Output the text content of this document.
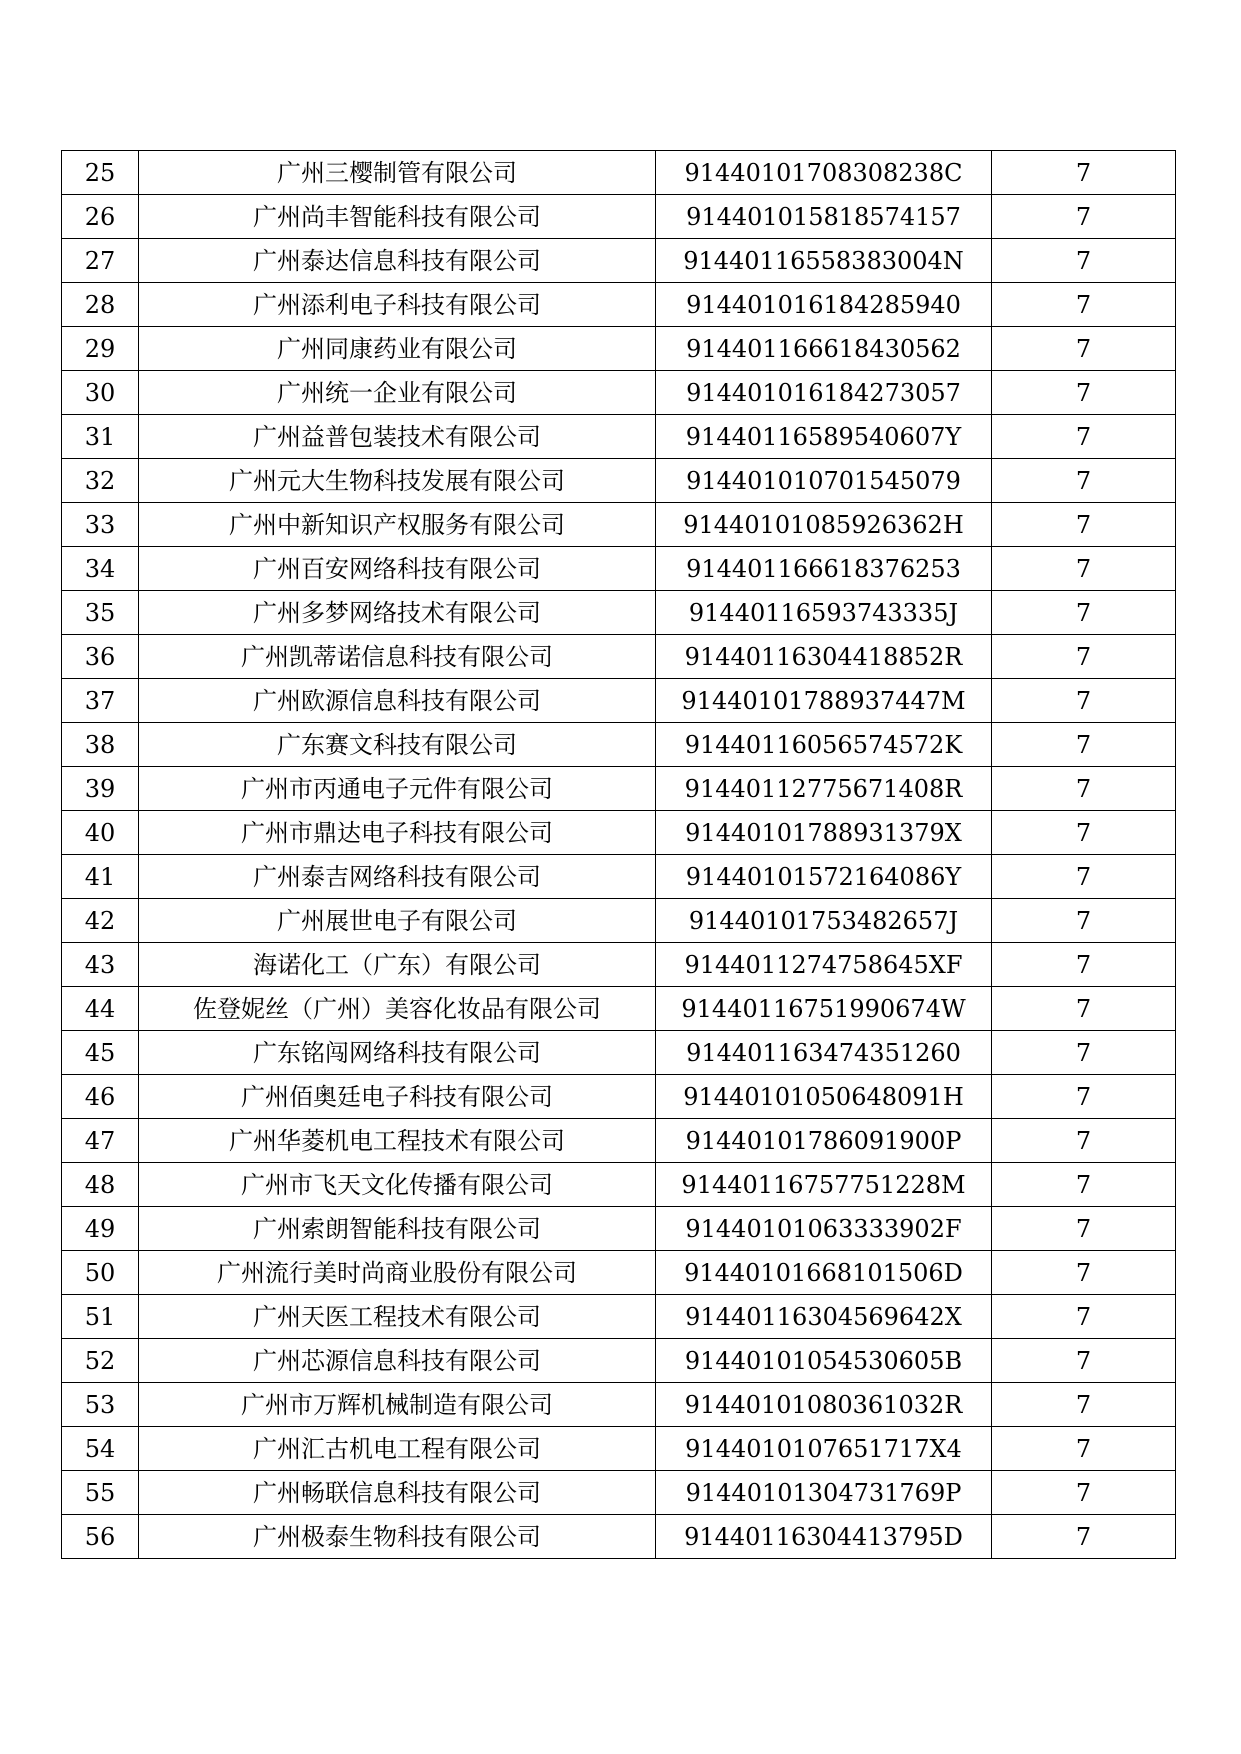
25	广州三樱制管有限公司	91440101708308238C	7
26	广州尚丰智能科技有限公司	914401015818574157	7
27	广州泰达信息科技有限公司	91440116558383004N	7
28	广州添利电子科技有限公司	914401016184285940	7
29	广州同康药业有限公司	914401166618430562	7
30	广州统一企业有限公司	914401016184273057	7
31	广州益普包装技术有限公司	91440116589540607Y	7
32	广州元大生物科技发展有限公司	914401010701545079	7
33	广州中新知识产权服务有限公司	91440101085926362H	7
34	广州百安网络科技有限公司	914401166618376253	7
35	广州多梦网络技术有限公司	91440116593743335J	7
36	广州凯蒂诺信息科技有限公司	91440116304418852R	7
37	广州欧源信息科技有限公司	91440101788937447M	7
38	广东赛文科技有限公司	91440116056574572K	7
39	广州市丙通电子元件有限公司	91440112775671408R	7
40	广州市鼎达电子科技有限公司	91440101788931379X	7
41	广州泰吉网络科技有限公司	91440101572164086Y	7
42	广州展世电子有限公司	91440101753482657J	7
43	海诺化工（广东）有限公司	9144011274758645XF	7
44	佐登妮丝（广州）美容化妆品有限公司	91440116751990674W	7
45	广东铭闯网络科技有限公司	914401163474351260	7
46	广州佰奥廷电子科技有限公司	91440101050648091H	7
47	广州华菱机电工程技术有限公司	91440101786091900P	7
48	广州市飞天文化传播有限公司	91440116757751228M	7
49	广州索朗智能科技有限公司	91440101063333902F	7
50	广州流行美时尚商业股份有限公司	91440101668101506D	7
51	广州天医工程技术有限公司	91440116304569642X	7
52	广州芯源信息科技有限公司	91440101054530605B	7
53	广州市万辉机械制造有限公司	91440101080361032R	7
54	广州汇古机电工程有限公司	9144010107651717X4	7
55	广州畅联信息科技有限公司	91440101304731769P	7
56	广州极泰生物科技有限公司	91440116304413795D	7
